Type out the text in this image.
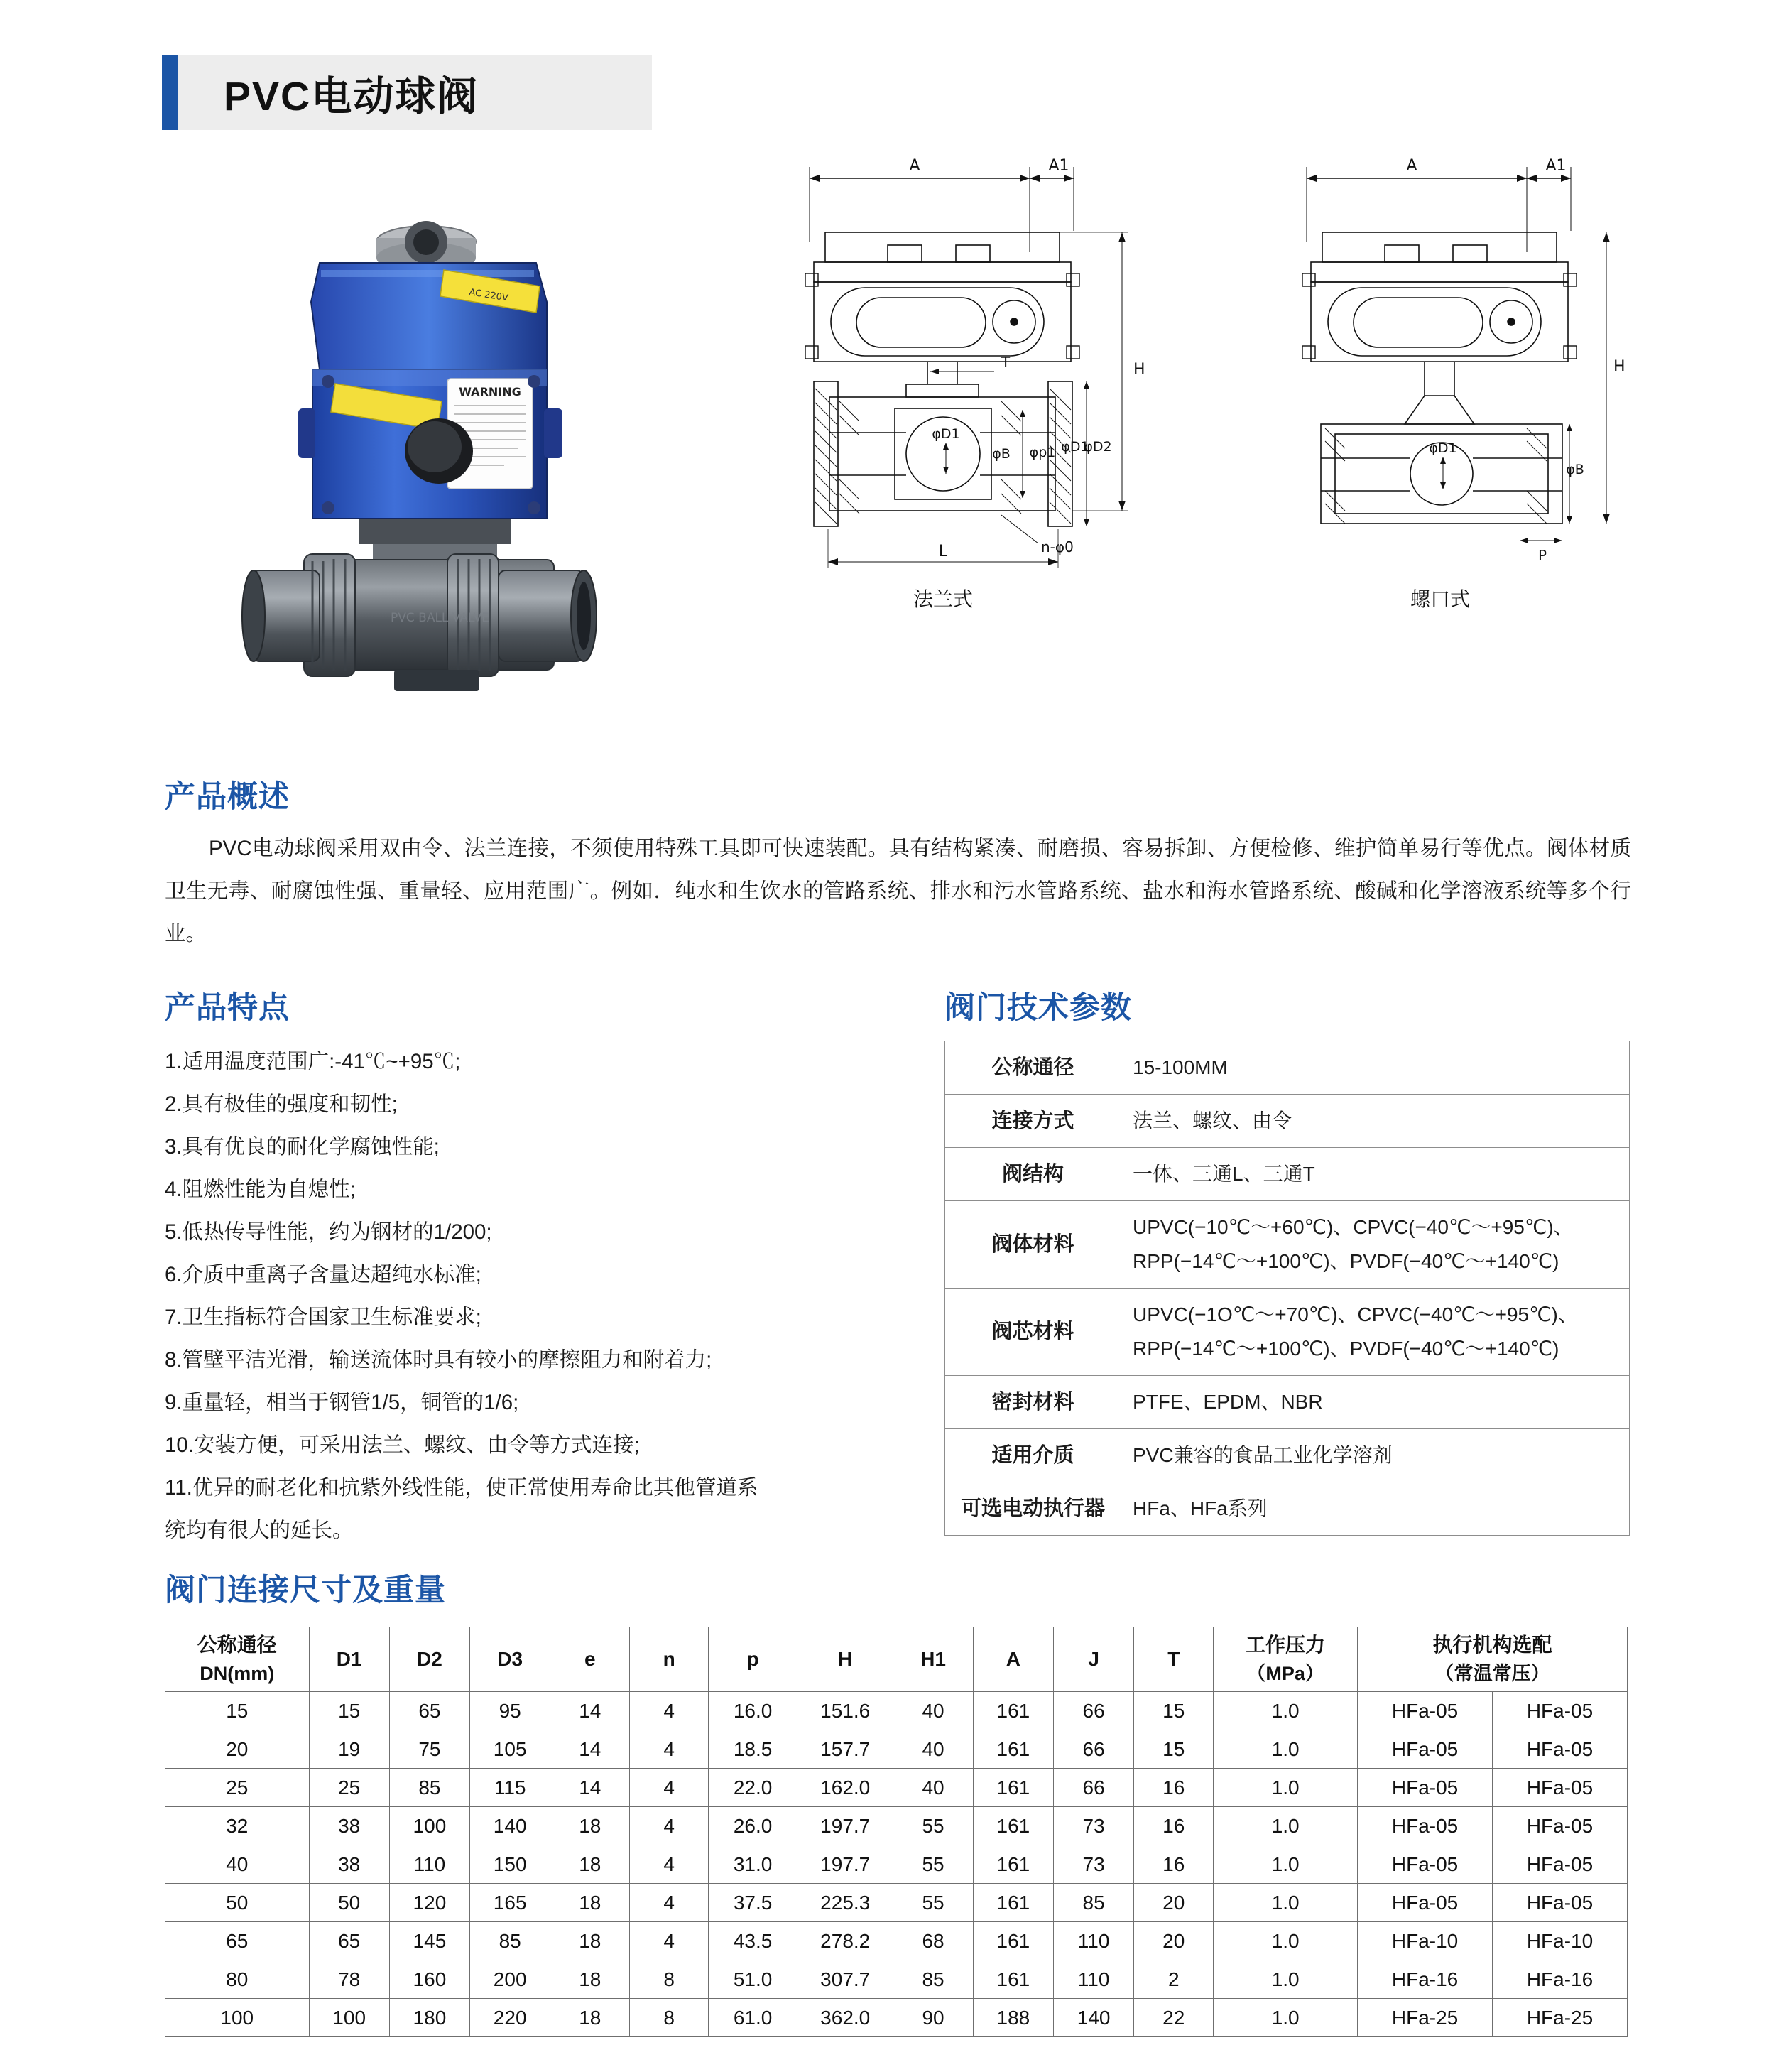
PVC电动球阀
AC 220V
WARNING
PVC BALL VALVE
A	A1
T	H
φD1
φB φp1 φD1
φD2
n-φ0
L
法兰式
A	A1
φD1
φB
H
P
螺口式
产品概述
PVC电动球阀采用双由令、法兰连接，不须使用特殊工具即可快速装配。具有结构紧凑、耐磨损、容易拆卸、方便检修、维护简单易行等优点。阀体材质卫生无毒、耐腐蚀性强、重量轻、应用范围广。例如．纯水和生饮水的管路系统、排水和污水管路系统、盐水和海水管路系统、酸碱和化学溶液系统等多个行业。
产品特点
1.适用温度范围广:-41℃~+95℃;
2.具有极佳的强度和韧性;
3.具有优良的耐化学腐蚀性能;
4.阻燃性能为自熄性;
5.低热传导性能，约为钢材的1/200;
6.介质中重离子含量达超纯水标准;
7.卫生指标符合国家卫生标准要求;
8.管壁平洁光滑，输送流体时具有较小的摩擦阻力和附着力;
9.重量轻，相当于钢管1/5，铜管的1/6;
10.安装方便，可采用法兰、螺纹、由令等方式连接;
11.优异的耐老化和抗紫外线性能，使正常使用寿命比其他管道系
统均有很大的延长。
阀门技术参数
公称通径	15-100MM

连接方式	法兰、螺纹、由令

阀结构	一体、三通L、三通T

阀体材料	UPVC(−10℃～+60℃)、CPVC(−40℃～+95℃)、
RPP(−14℃～+100℃)、PVDF(−40℃～+140℃)

阀芯材料	UPVC(−1O℃～+70℃)、CPVC(−40℃～+95℃)、
RPP(−14℃～+100℃)、PVDF(−40℃～+140℃)

密封材料	PTFE、EPDM、NBR

适用介质	PVC兼容的食品工业化学溶剂

可选电动执行器	HFa、HFa系列
阀门连接尺寸及重量
公称通径
DN(mm)	D1	D2	D3	e	n	p	H	H1	A	J	T	工作压力
（MPa）	执行机构选配
（常温常压）	

15	15	65	95	14	4	16.0	151.6	40	161	66	15	1.0	HFa-05	HFa-05
20	19	75	105	14	4	18.5	157.7	40	161	66	15	1.0	HFa-05	HFa-05
25	25	85	115	14	4	22.0	162.0	40	161	66	16	1.0	HFa-05	HFa-05
32	38	100	140	18	4	26.0	197.7	55	161	73	16	1.0	HFa-05	HFa-05
40	38	110	150	18	4	31.0	197.7	55	161	73	16	1.0	HFa-05	HFa-05
50	50	120	165	18	4	37.5	225.3	55	161	85	20	1.0	HFa-05	HFa-05
65	65	145	85	18	4	43.5	278.2	68	161	110	20	1.0	HFa-10	HFa-10
80	78	160	200	18	8	51.0	307.7	85	161	110	2	1.0	HFa-16	HFa-16
100	100	180	220	18	8	61.0	362.0	90	188	140	22	1.0	HFa-25	HFa-25
